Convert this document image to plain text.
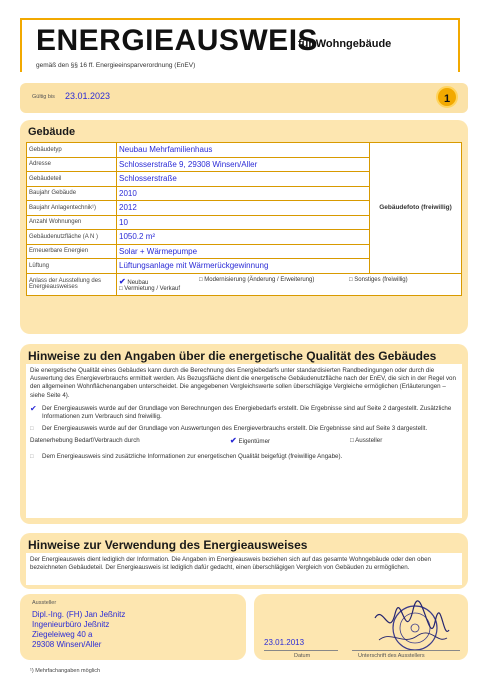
ENERGIEAUSWEIS
für Wohngebäude
gemäß den §§ 16 ff. Energieeinsparverordnung (EnEV)
Gültig bis 23.01.2023	1
Gebäude
Gebäudetyp	Neubau Mehrfamilienhaus	Gebäudefoto (freiwillig)
Adresse	Schlosserstraße 9, 29308 Winsen/Aller	
Gebäudeteil	Schlosserstraße	
Baujahr Gebäude	2010	
Baujahr Anlagentechnik¹)	2012	
Anzahl Wohnungen	10	
Gebäudenutzfläche (A N )	1050.2 m²	
Erneuerbare Energien	Solar + Wärmepumpe	
Lüftung	Lüftungsanlage mit Wärmerückgewinnung	
Anlass der Ausstellung des Energieausweises	✔ Neubau □ Modernisierung (Änderung / Erweiterung) □ Sonstiges (freiwillig)
□ Vermietung / Verkauf	
Hinweise zu den Angaben über die energetische Qualität des Gebäudes
Die energetische Qualität eines Gebäudes kann durch die Berechnung des Energiebedarfs unter standardisierten Randbedingungen oder durch die Auswertung des Energieverbrauchs ermittelt werden. Als Bezugsfläche dient die energetische Gebäudenutzfläche nach der EnEV, die sich in der Regel von den allgemeinen Wohnflächenangaben unterscheidet. Die angegebenen Vergleichswerte sollen überschlägige Vergleiche ermöglichen (Erläuterungen – siehe Seite 4).
✔ Der Energieausweis wurde auf der Grundlage von Berechnungen des Energiebedarfs erstellt. Die Ergebnisse sind auf Seite 2 dargestellt. Zusätzliche Informationen zum Verbrauch sind freiwillig.
□	Der Energieausweis wurde auf der Grundlage von Auswertungen des Energieverbrauchs erstellt. Die Ergebnisse sind auf Seite 3 dargestellt.
Datenerhebung Bedarf/Verbrauch durch	✔ Eigentümer	□ Aussteller
□	Dem Energieausweis sind zusätzliche Informationen zur energetischen Qualität beigefügt (freiwillige Angabe).
Hinweise zur Verwendung des Energieausweises
Der Energieausweis dient lediglich der Information. Die Angaben im Energieausweis beziehen sich auf das gesamte Wohngebäude oder den oben bezeichneten Gebäudeteil. Der Energieausweis ist lediglich dafür gedacht, einen überschlägigen Vergleich von Gebäuden zu ermöglichen.
Aussteller
Dipl.-Ing. (FH) Jan Jeßnitz
Ingenieurbüro Jeßnitz
Ziegeleiweg 40 a
29308 Winsen/Aller	23.01.2013
Datum	Unterschrift des Ausstellers
¹) Mehrfachangaben möglich
